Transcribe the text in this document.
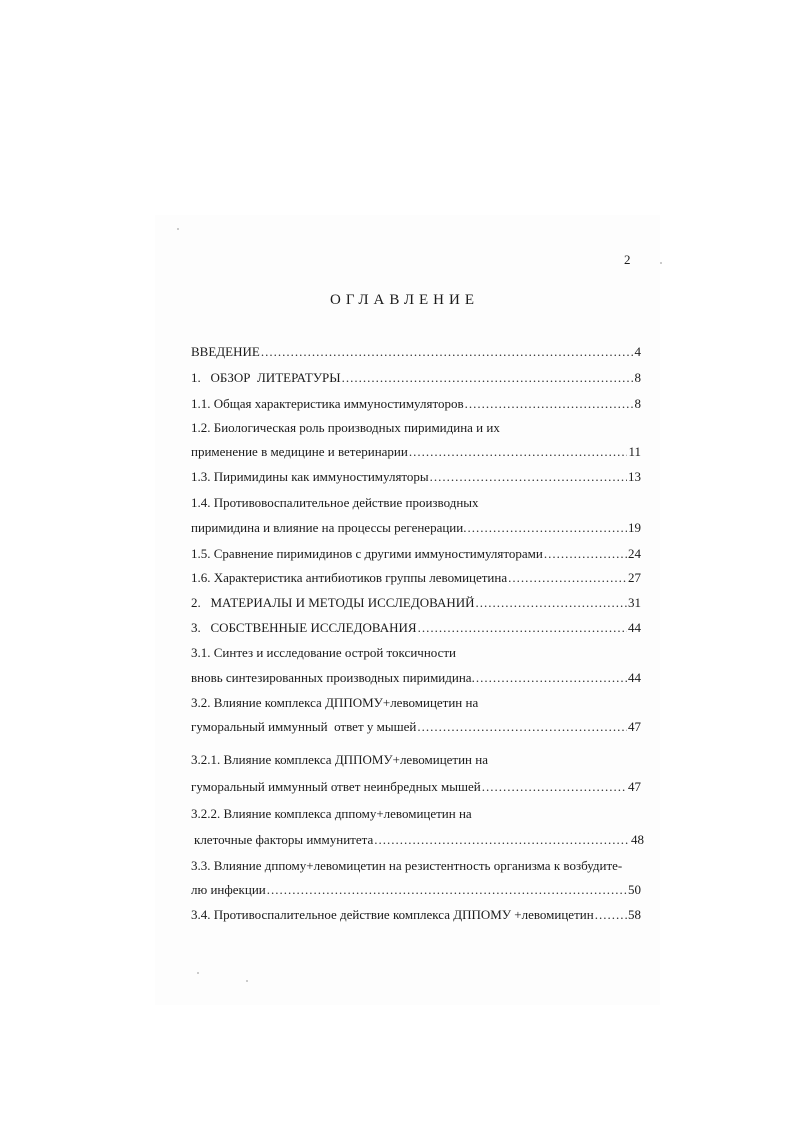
2
ОГЛАВЛЕНИЕ
ВВЕДЕНИЕ .....	4
1.   ОБЗОР  ЛИТЕРАТУРЫ .....	8
1.1. Общая характеристика иммуностимуляторов .....	8
1.2. Биологическая роль производных пиримидина и их
применение в медицине и ветеринарии .....	11
1.3. Пиримидины как иммуностимуляторы .....	13
1.4. Противовоспалительное действие производных
пиримидина и влияние на процессы регенерации. .....	19
1.5. Сравнение пиримидинов с другими иммуностимуляторами .....	24
1.6. Характеристика антибиотиков группы левомицетина .....	27
2.   МАТЕРИАЛЫ И МЕТОДЫ ИССЛЕДОВАНИЙ .....	31
3.   СОБСТВЕННЫЕ ИССЛЕДОВАНИЯ .....	44
3.1. Синтез и исследование острой токсичности
вновь синтезированных производных пиримидина. .....	44
3.2. Влияние комплекса ДППОМУ+левомицетин на
гуморальный иммунный  ответ у мышей .....	47
3.2.1. Влияние комплекса ДППОМУ+левомицетин на
гуморальный иммунный ответ неинбредных мышей .....	47
3.2.2. Влияние комплекса дппому+левомицетин на
клеточные факторы иммунитета .....	48
3.3. Влияние дппому+левомицетин на резистентность организма к возбудите-
лю инфекции .....	50
3.4. Противоспалительное действие комплекса ДППОМУ +левомицетин .....	58
